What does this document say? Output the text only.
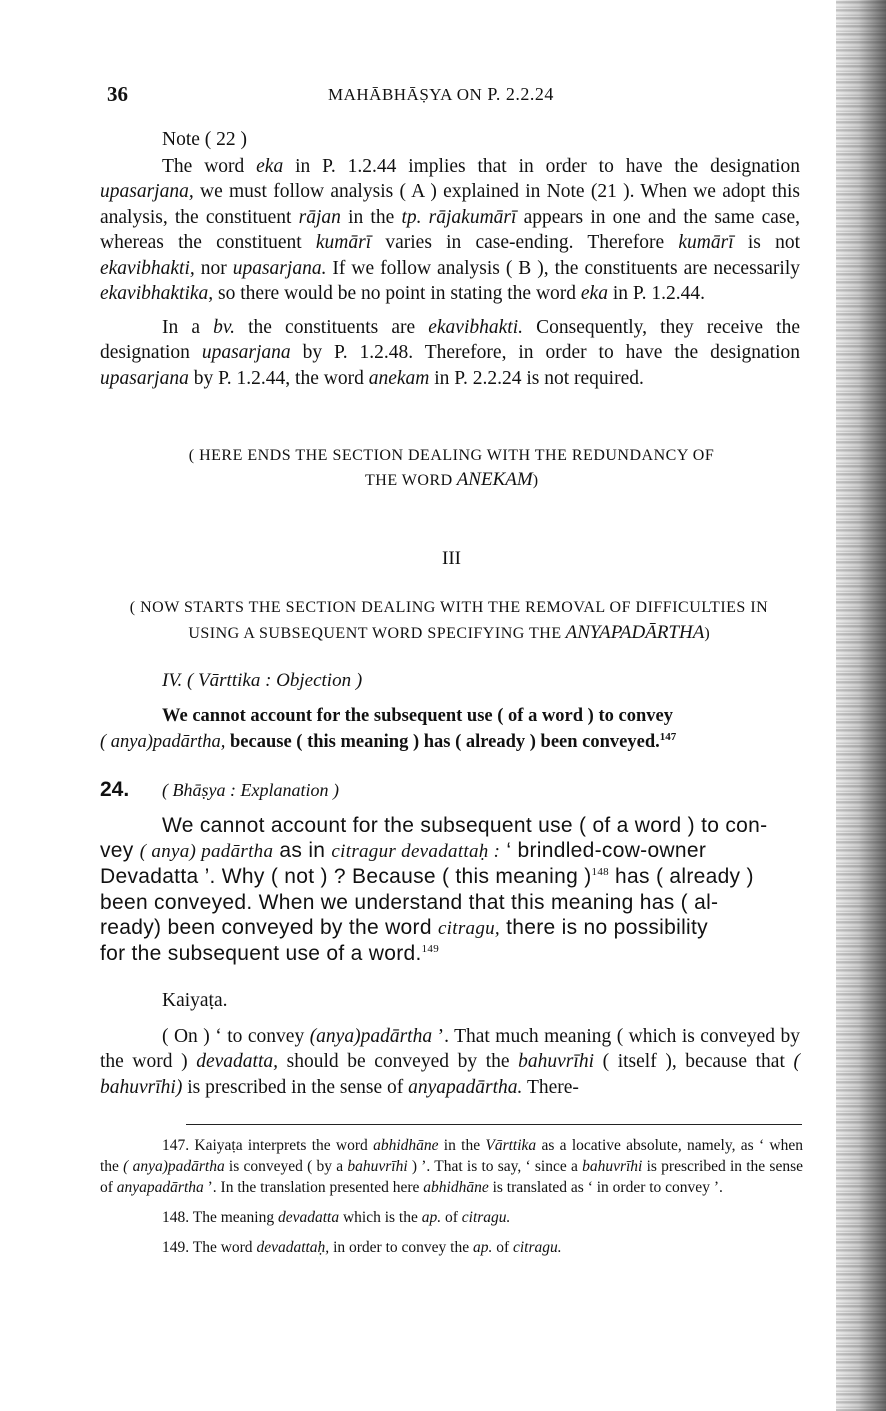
36	MAHĀBHĀṢYA ON P. 2.2.24

Note ( 22 )

The word eka in P. 1.2.44 implies that in order to have the designation upasarjana, we must follow analysis ( A ) explained in Note (21 ). When we adopt this analysis, the constituent rājan in the tp. rājakumārī appears in one and the same case, whereas the constituent kumārī varies in case-ending. Therefore kumārī is not ekavibhakti, nor upasarjana. If we follow analysis ( B ), the constituents are necessarily ekavibhaktika, so there would be no point in stating the word eka in P. 1.2.44.

In a bv. the constituents are ekavibhakti. Consequently, they receive the designation upasarjana by P. 1.2.48. Therefore, in order to have the designation upasarjana by P. 1.2.44, the word anekam in P. 2.2.24 is not required.

( HERE ENDS THE SECTION DEALING WITH THE REDUNDANCY OF
THE WORD ANEKAM)
III
( NOW STARTS THE SECTION DEALING WITH THE REMOVAL OF DIFFICULTIES IN
USING A SUBSEQUENT WORD SPECIFYING THE ANYAPADĀRTHA)
IV. ( Vārttika : Objection )
We cannot account for the subsequent use ( of a word ) to convey
( anya)padārtha, because ( this meaning ) has ( already ) been conveyed.$^{147}$
24. ( Bhāṣya : Explanation )
We cannot account for the subsequent use ( of a word ) to con-
vey ( anya) padārtha as in citragur devadattaḥ : ‘ brindled-cow-owner
Devadatta ’. Why ( not ) ? Because ( this meaning )$^{148}$ has ( already )
been conveyed. When we understand that this meaning has ( al-
ready) been conveyed by the word citragu, there is no possibility
for the subsequent use of a word.$^{149}$

Kaiyaṭa.

( On ) ‘ to convey (anya)padārtha ’. That much meaning ( which is conveyed by the word ) devadatta, should be conveyed by the bahuvrīhi ( itself ), because that ( bahuvrīhi) is prescribed in the sense of anyapadārtha. There-

147. Kaiyaṭa interprets the word abhidhāne in the Vārttika as a locative absolute, namely, as ‘ when the ( anya)padārtha is conveyed ( by a bahuvrīhi ) ’. That is to say, ‘ since a bahuvrīhi is prescribed in the sense of anyapadārtha ’. In the translation presented here abhidhāne is translated as ‘ in order to convey ’.

148. The meaning devadatta which is the ap. of citragu.

149. The word devadattaḥ, in order to convey the ap. of citragu.
